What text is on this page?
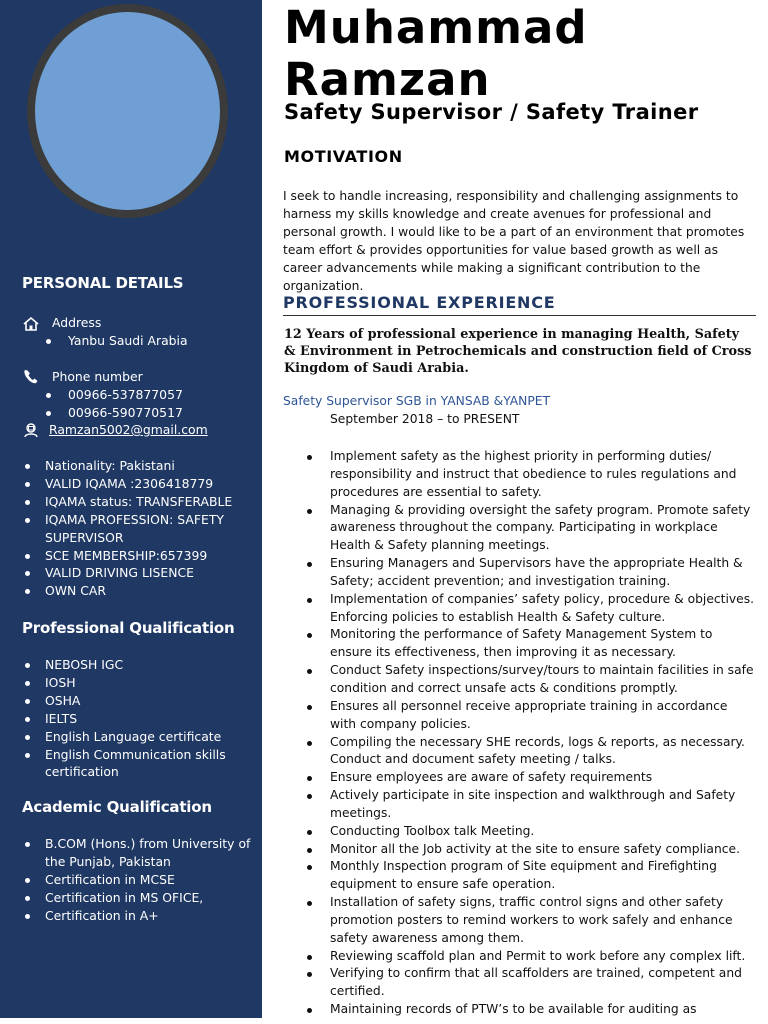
PERSONAL DETAILS
Address
Yanbu Saudi Arabia
Phone number
00966-537877057
00966-590770517
Ramzan5002@gmail.com
Nationality: Pakistani
VALID IQAMA :2306418779
IQAMA status: TRANSFERABLE
IQAMA PROFESSION: SAFETY SUPERVISOR
SCE MEMBERSHIP:657399
VALID DRIVING LISENCE
OWN CAR
Professional Qualification
NEBOSH IGC
IOSH
OSHA
IELTS
English Language certificate
English Communication skills certification
Academic Qualification
B.COM (Hons.) from University of the Punjab, Pakistan
Certification in MCSE
Certification in MS OFICE,
Certification in A+
Muhammad
Ramzan
Safety Supervisor / Safety Trainer
MOTIVATION
I seek to handle increasing, responsibility and challenging assignments to harness my skills knowledge and create avenues for professional and personal growth. I would like to be a part of an environment that promotes team effort & provides opportunities for value based growth as well as career advancements while making a significant contribution to the organization.
PROFESSIONAL EXPERIENCE
12 Years of professional experience in managing Health, Safety & Environment in Petrochemicals and construction field of Cross Kingdom of Saudi Arabia.
Safety Supervisor SGB in YANSAB &YANPET
September 2018 – to PRESENT
Implement safety as the highest priority in performing duties/ responsibility and instruct that obedience to rules regulations and procedures are essential to safety.
Managing & providing oversight the safety program. Promote safety awareness throughout the company. Participating in workplace Health & Safety planning meetings.
Ensuring Managers and Supervisors have the appropriate Health & Safety; accident prevention; and investigation training.
Implementation of companies’ safety policy, procedure & objectives. Enforcing policies to establish Health & Safety culture.
Monitoring the performance of Safety Management System to ensure its effectiveness, then improving it as necessary.
Conduct Safety inspections/survey/tours to maintain facilities in safe condition and correct unsafe acts & conditions promptly.
Ensures all personnel receive appropriate training in accordance with company policies.
Compiling the necessary SHE records, logs & reports, as necessary. Conduct and document safety meeting / talks.
Ensure employees are aware of safety requirements
Actively participate in site inspection and walkthrough and Safety meetings.
Conducting Toolbox talk Meeting.
Monitor all the Job activity at the site to ensure safety compliance.
Monthly Inspection program of Site equipment and Firefighting equipment to ensure safe operation.
Installation of safety signs, traffic control signs and other safety promotion posters to remind workers to work safely and enhance safety awareness among them.
Reviewing scaffold plan and Permit to work before any complex lift.
Verifying to confirm that all scaffolders are trained, competent and certified.
Maintaining records of PTW’s to be available for auditing as
